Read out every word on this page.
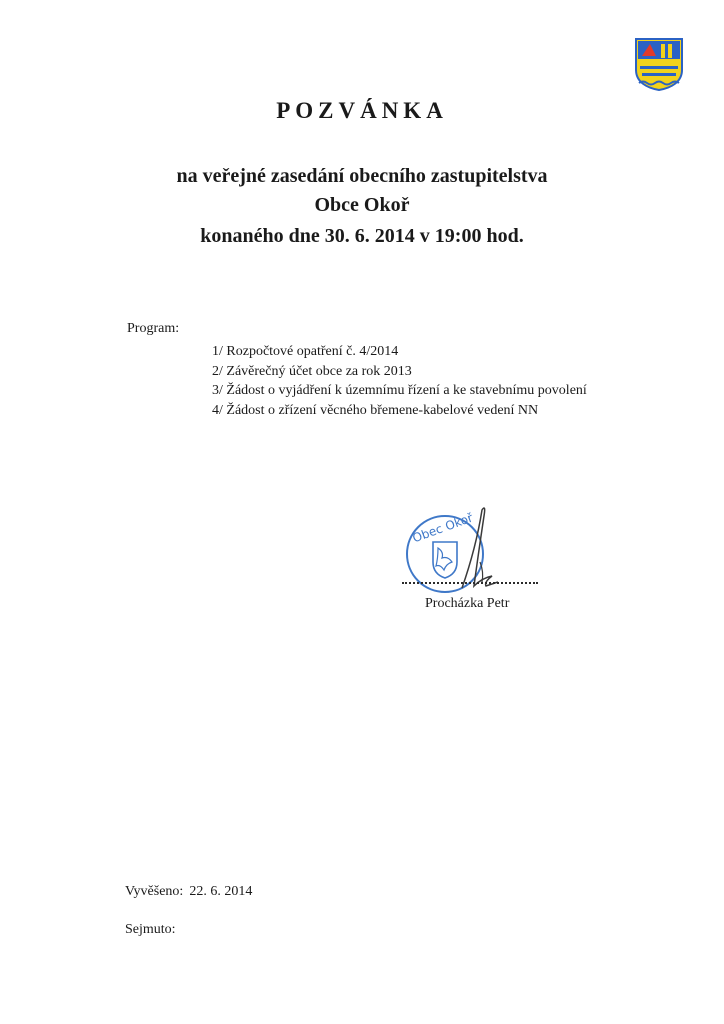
POZVÁNKA
na veřejné zasedání obecního zastupitelstva
Obce Okoř
konaného dne 30. 6. 2014 v 19:00 hod.
Program:
1/ Rozpočtové opatření č. 4/2014
2/ Závěrečný účet obce za rok 2013
3/ Žádost o vyjádření k územnímu řízení a ke stavebnímu povolení
4/ Žádost o zřízení věcného břemene-kabelové vedení NN
Obec Okoř
Procházka Petr
Vyvěšeno: 22. 6. 2014
Sejmuto:
